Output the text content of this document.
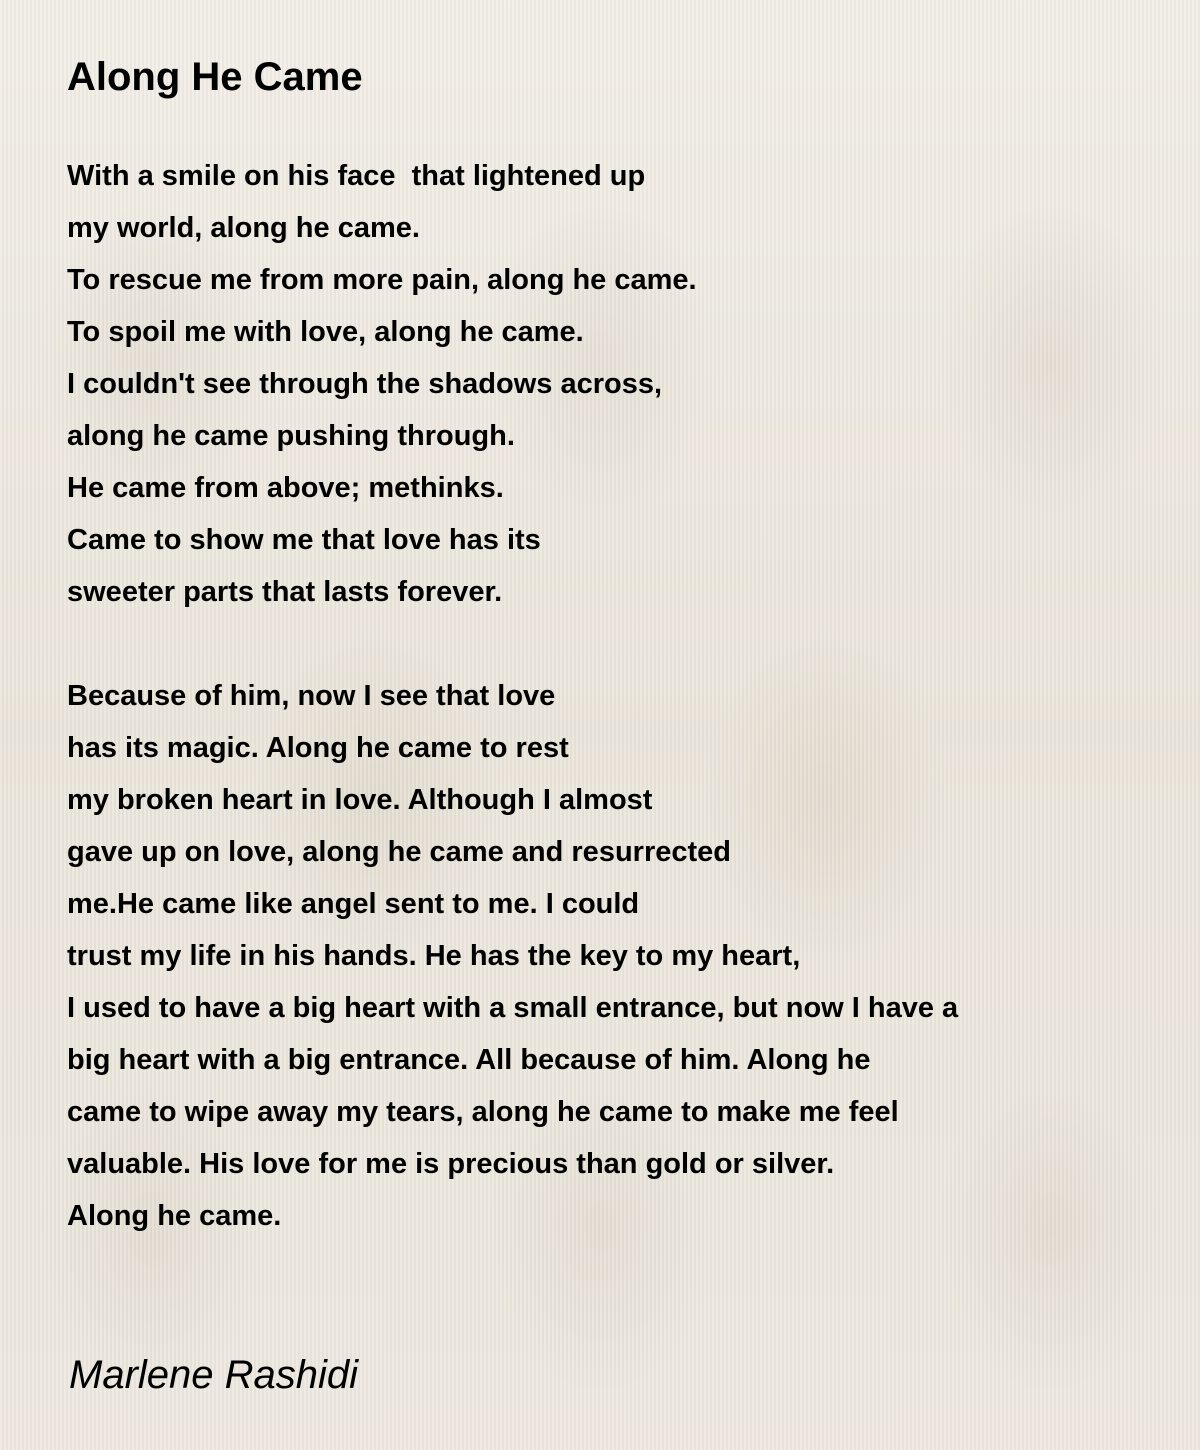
Along He Came
With a smile on his face  that lightened up
my world, along he came.
To rescue me from more pain, along he came.
To spoil me with love, along he came.
I couldn't see through the shadows across,
along he came pushing through.
He came from above; methinks.
Came to show me that love has its
sweeter parts that lasts forever.
Because of him, now I see that love
has its magic. Along he came to rest
my broken heart in love. Although I almost
gave up on love, along he came and resurrected
me.He came like angel sent to me. I could
trust my life in his hands. He has the key to my heart,
I used to have a big heart with a small entrance, but now I have a
big heart with a big entrance. All because of him. Along he
came to wipe away my tears, along he came to make me feel
valuable. His love for me is precious than gold or silver.
Along he came.

Marlene Rashidi
